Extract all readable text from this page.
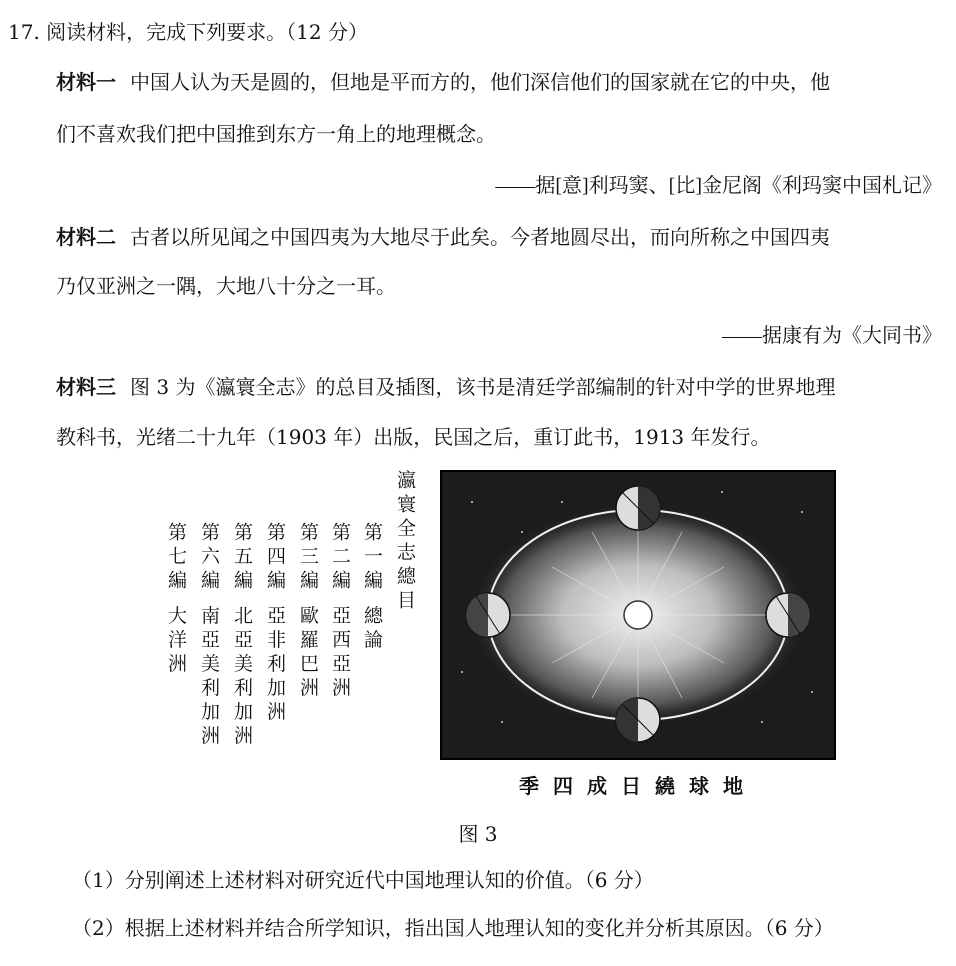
17. 阅读材料，完成下列要求。（12 分）
材料一 中国人认为天是圆的，但地是平而方的，他们深信他们的国家就在它的中央，他
们不喜欢我们把中国推到东方一角上的地理概念。
——据[意]利玛窦、[比]金尼阁《利玛窦中国札记》
材料二 古者以所见闻之中国四夷为大地尽于此矣。今者地圆尽出，而向所称之中国四夷
乃仅亚洲之一隅，大地八十分之一耳。
——据康有为《大同书》
材料三 图 3 为《瀛寰全志》的总目及插图，该书是清廷学部编制的针对中学的世界地理
教科书，光绪二十九年（1903 年）出版，民国之后，重订此书，1913 年发行。
瀛寰全志總目
第一編 總論
第二編 亞西亞洲
第三編 歐羅巴洲
第四編 亞非利加洲
第五編 北亞美利加洲
第六編 南亞美利加洲
第七編 大洋洲
季四成日繞球地
图 3
（1）分别阐述上述材料对研究近代中国地理认知的价值。（6 分）
（2）根据上述材料并结合所学知识，指出国人地理认知的变化并分析其原因。（6 分）
